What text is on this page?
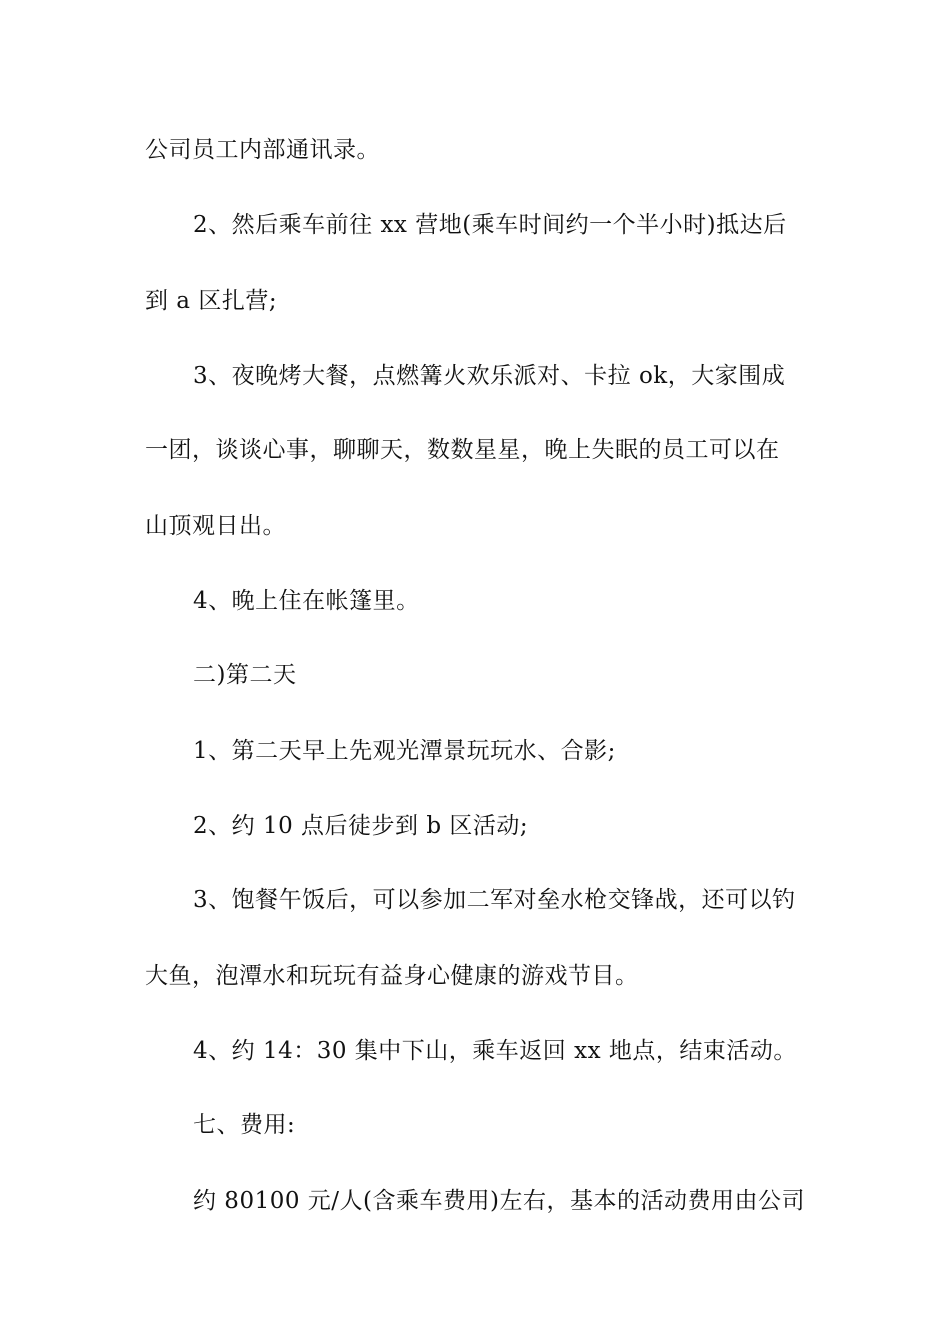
公司员工内部通讯录。
2、然后乘车前往 xx 营地(乘车时间约一个半小时)抵达后
到 a 区扎营;
3、夜晚烤大餐，点燃篝火欢乐派对、卡拉 ok，大家围成
一团，谈谈心事，聊聊天，数数星星，晚上失眠的员工可以在
山顶观日出。
4、晚上住在帐篷里。
二)第二天
1、第二天早上先观光潭景玩玩水、合影;
2、约 10 点后徒步到 b 区活动;
3、饱餐午饭后，可以参加二军对垒水枪交锋战，还可以钓
大鱼，泡潭水和玩玩有益身心健康的游戏节目。
4、约 14：30 集中下山，乘车返回 xx 地点，结束活动。
七、费用:
约 80100 元/人(含乘车费用)左右，基本的活动费用由公司
